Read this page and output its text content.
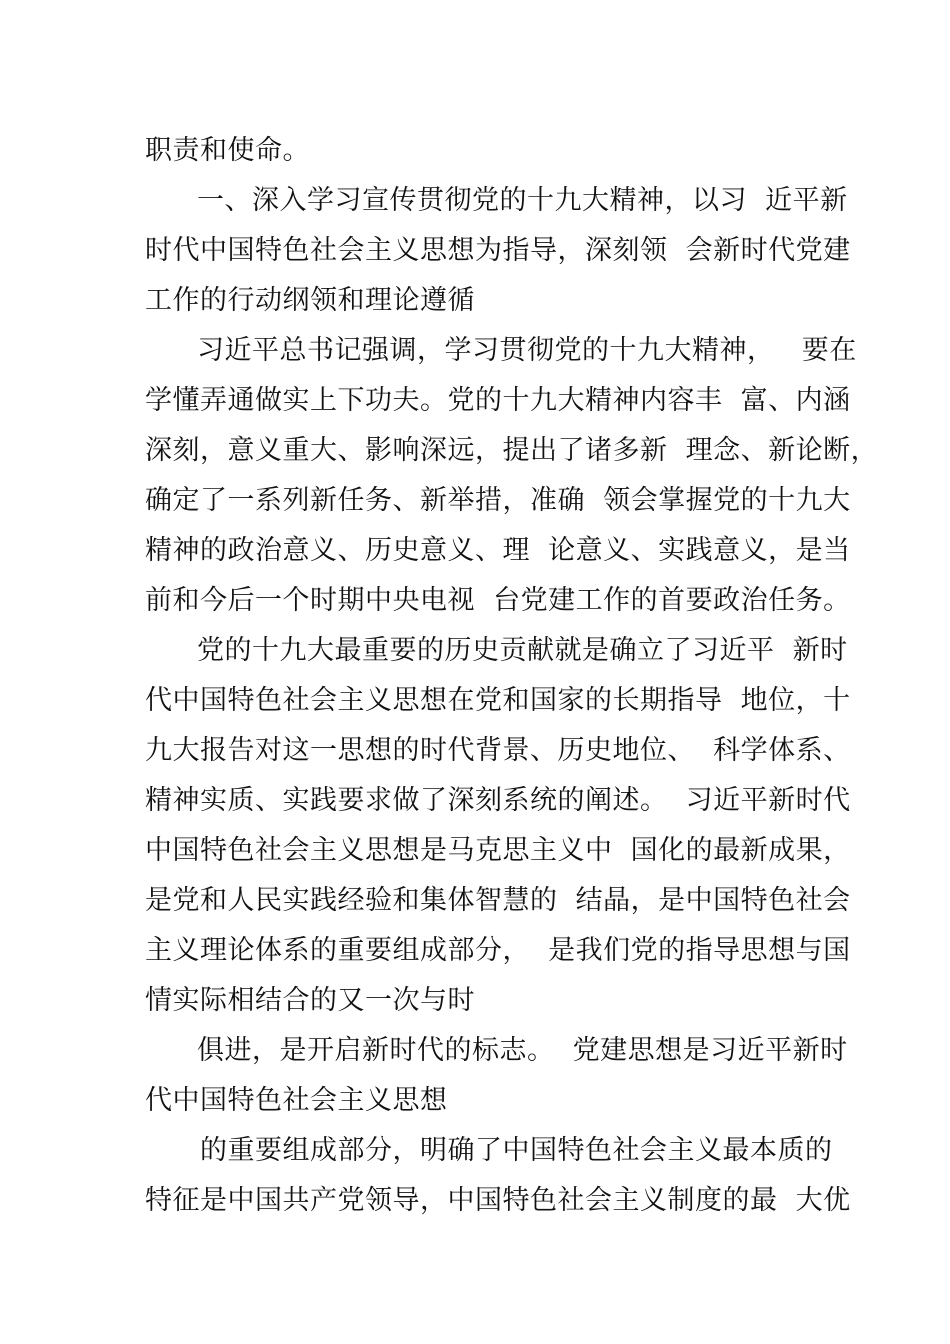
职责和使命。
一、深入学习宣传贯彻党的十九大精神，以习  近平新
时代中国特色社会主义思想为指导，深刻领  会新时代党建
工作的行动纲领和理论遵循
习近平总书记强调，学习贯彻党的十九大精神，   要在
学懂弄通做实上下功夫。党的十九大精神内容丰  富、内涵
深刻，意义重大、影响深远，提出了诸多新  理念、新论断，
确定了一系列新任务、新举措，准确  领会掌握党的十九大
精神的政治意义、历史意义、理  论意义、实践意义，是当
前和今后一个时期中央电视  台党建工作的首要政治任务。
党的十九大最重要的历史贡献就是确立了习近平  新时
代中国特色社会主义思想在党和国家的长期指导  地位，十
九大报告对这一思想的时代背景、历史地位、  科学体系、
精神实质、实践要求做了深刻系统的阐述。  习近平新时代
中国特色社会主义思想是马克思主义中  国化的最新成果，
是党和人民实践经验和集体智慧的  结晶，是中国特色社会
主义理论体系的重要组成部分，  是我们党的指导思想与国
情实际相结合的又一次与时
俱进，是开启新时代的标志。  党建思想是习近平新时
代中国特色社会主义思想
的重要组成部分，明确了中国特色社会主义最本质的
特征是中国共产党领导，中国特色社会主义制度的最  大优
